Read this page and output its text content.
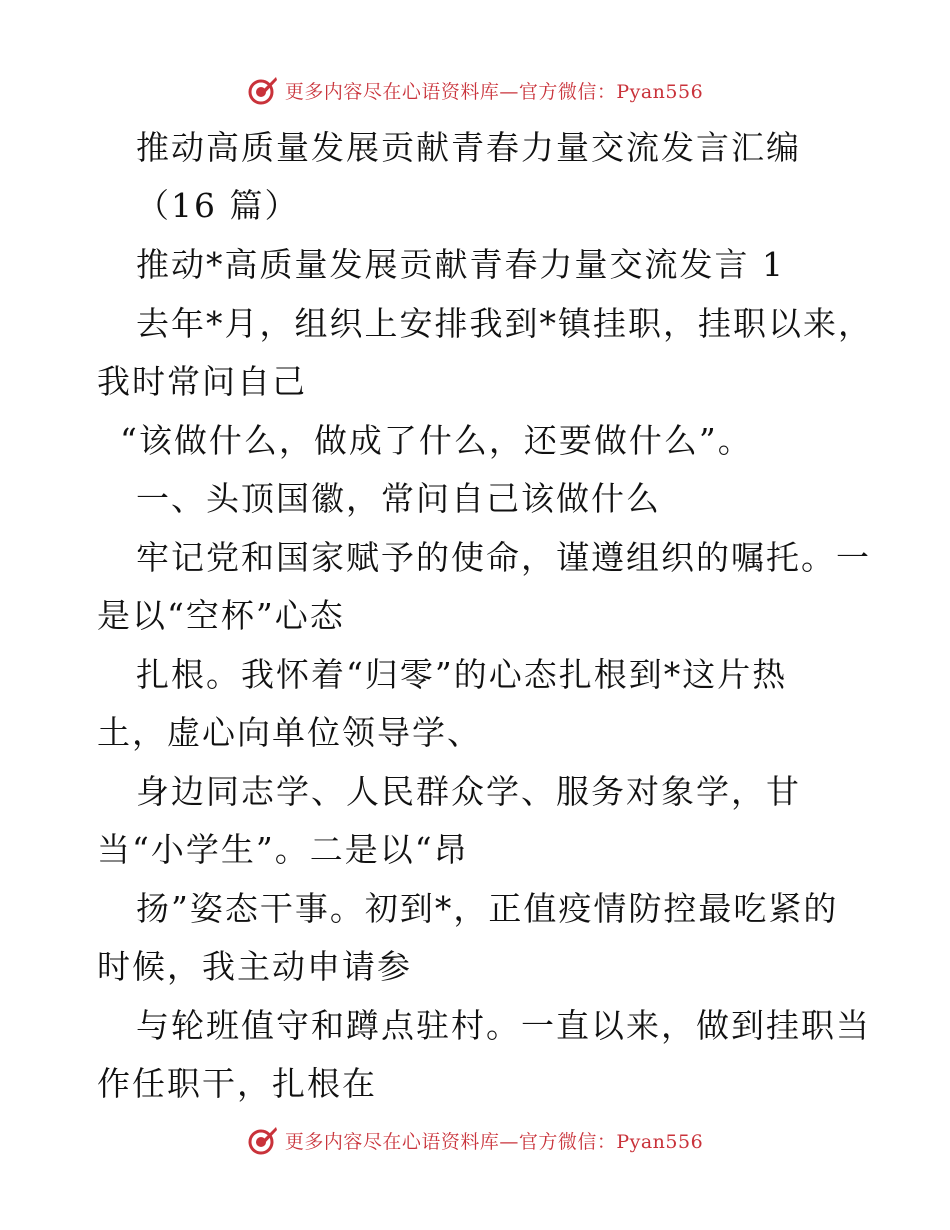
更多内容尽在心语资料库—官方微信：Pyan556

推动高质量发展贡献青春力量交流发言汇编

（16 篇）

推动*高质量发展贡献青春力量交流发言 1

去年*月，组织上安排我到*镇挂职，挂职以来，

我时常问自己

“该做什么，做成了什么，还要做什么”。

一、头顶国徽，常问自己该做什么

牢记党和国家赋予的使命，谨遵组织的嘱托。一

是以“空杯”心态

扎根。我怀着“归零”的心态扎根到*这片热

土，虚心向单位领导学、

身边同志学、人民群众学、服务对象学，甘

当“小学生”。二是以“昂

扬”姿态干事。初到*，正值疫情防控最吃紧的

时候，我主动申请参

与轮班值守和蹲点驻村。一直以来，做到挂职当

作任职干，扎根在

更多内容尽在心语资料库—官方微信：Pyan556
